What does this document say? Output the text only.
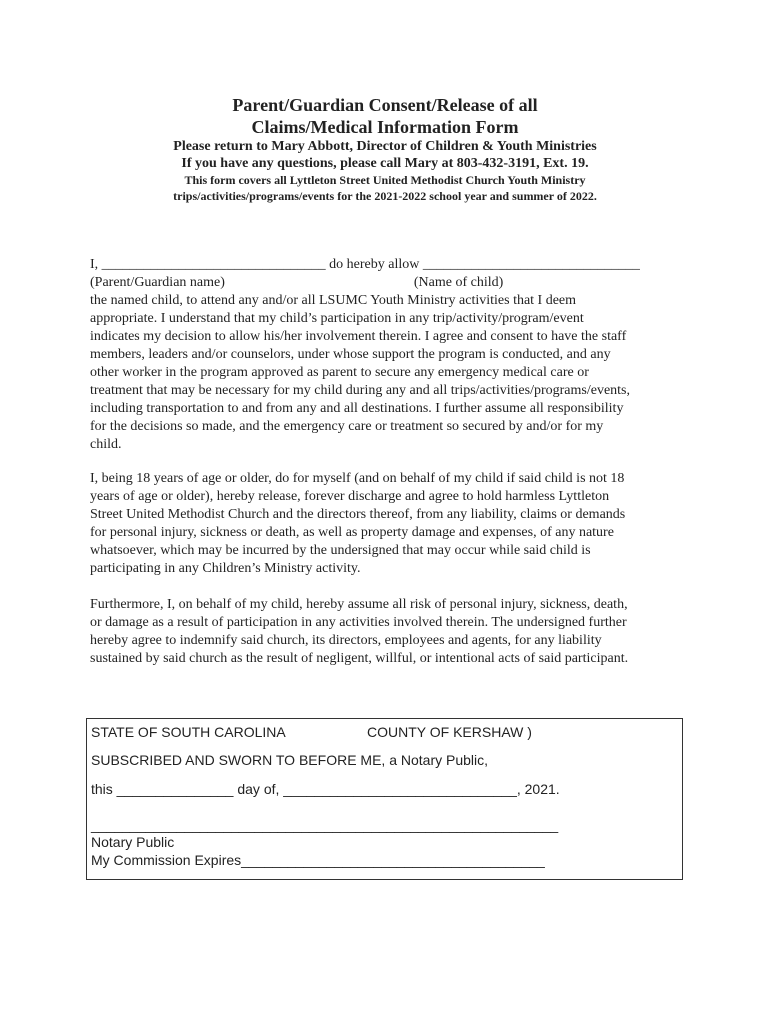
Parent/Guardian Consent/Release of all
Claims/Medical Information Form
Please return to Mary Abbott, Director of Children & Youth Ministries
If you have any questions, please call Mary at 803-432-3191, Ext. 19.
This form covers all Lyttleton Street United Methodist Church Youth Ministry
trips/activities/programs/events for the 2021-2022 school year and summer of 2022.
I, ________________________________ do hereby allow _______________________________
(Parent/Guardian name)                                                      (Name of child)
the named child, to attend any and/or all LSUMC Youth Ministry activities that I deem
appropriate. I understand that my child’s participation in any trip/activity/program/event
indicates my decision to allow his/her involvement therein. I agree and consent to have the staff
members, leaders and/or counselors, under whose support the program is conducted, and any
other worker in the program approved as parent to secure any emergency medical care or
treatment that may be necessary for my child during any and all trips/activities/programs/events,
including transportation to and from any and all destinations. I further assume all responsibility
for the decisions so made, and the emergency care or treatment so secured by and/or for my
child.
I, being 18 years of age or older, do for myself (and on behalf of my child if said child is not 18
years of age or older), hereby release, forever discharge and agree to hold harmless Lyttleton
Street United Methodist Church and the directors thereof, from any liability, claims or demands
for personal injury, sickness or death, as well as property damage and expenses, of any nature
whatsoever, which may be incurred by the undersigned that may occur while said child is
participating in any Children’s Ministry activity.
Furthermore, I, on behalf of my child, hereby assume all risk of personal injury, sickness, death,
or damage as a result of participation in any activities involved therein. The undersigned further
hereby agree to indemnify said church, its directors, employees and agents, for any liability
sustained by said church as the result of negligent, willful, or intentional acts of said participant.
STATE OF SOUTH CAROLINA	COUNTY OF KERSHAW )
SUBSCRIBED AND SWORN TO BEFORE ME, a Notary Public,
this _______________ day of, ______________________________, 2021.
____________________________________________________________
Notary Public
My Commission Expires_______________________________________
